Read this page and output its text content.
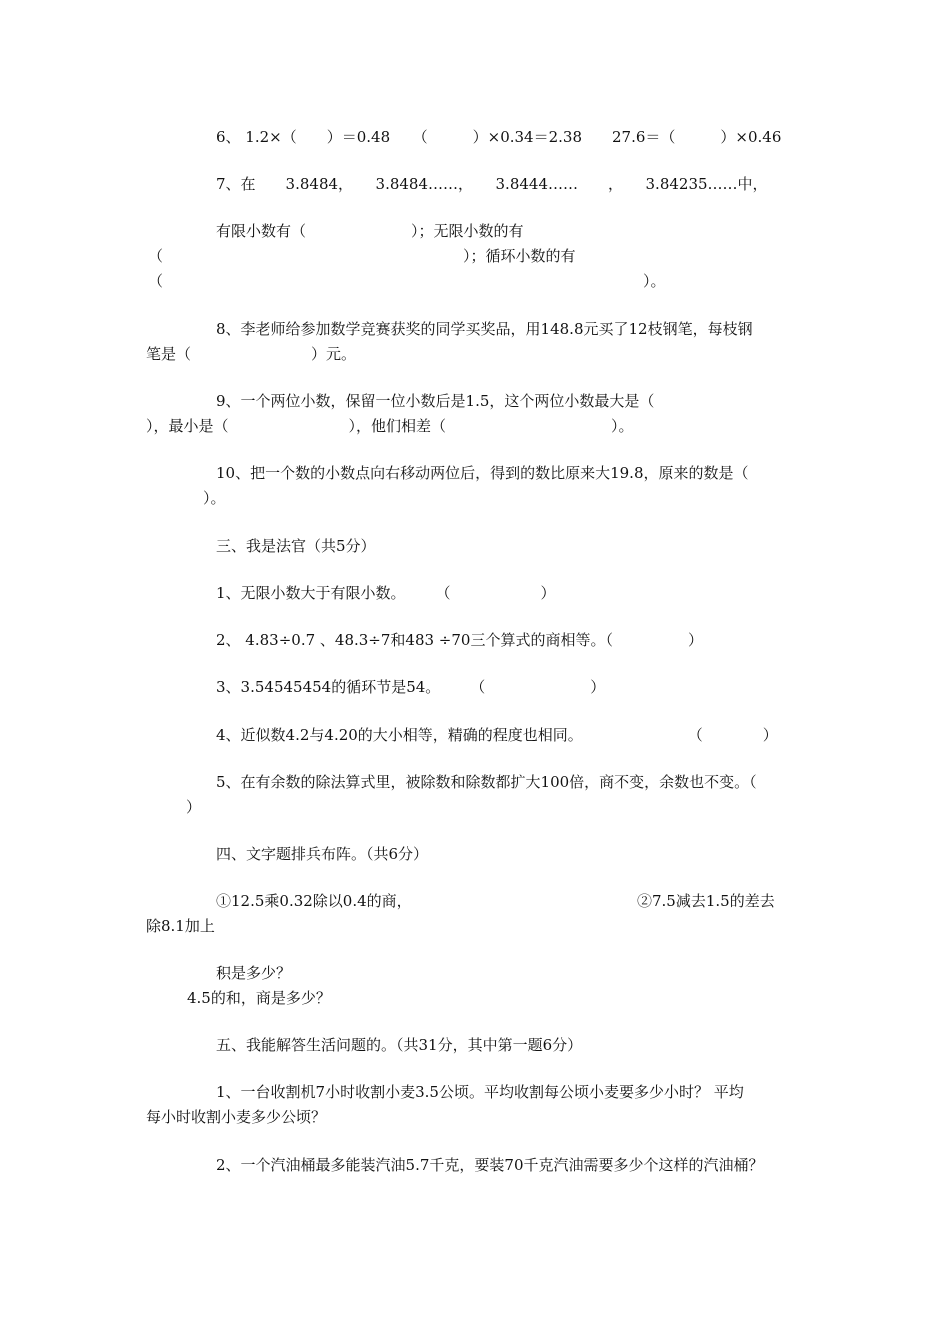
6、 1.2×（　　）＝0.48　　（　　　）×0.34＝2.38　　27.6＝（　　　）×0.46

7、在　　3.8484，　　3.8484……，　　3.8444……　　，　　3.84235……中，

有限小数有（　　　　　　　）；无限小数的有

（　　　　　　　　　　　　　　　　　　　　）；循环小数的有

（　　　　　　　　　　　　　　　　　　　　　　　　　　　　　　　　）。

8、李老师给参加数学竞赛获奖的同学买奖品，用148.8元买了12枝钢笔，每枝钢

笔是（　　　　　　　　）元。

9、一个两位小数，保留一位小数后是1.5，这个两位小数最大是（

），最小是（　　　　　　　　），他们相差（　　　　　　　　　　　）。

10、把一个数的小数点向右移动两位后，得到的数比原来大19.8，原来的数是（

）。

三、我是法官（共5分）

1、无限小数大于有限小数。　　　（　　　　　　）

2、 4.83÷0.7 、48.3÷7和483 ÷70三个算式的商相等。（　　　　　）

3、3.54545454的循环节是54。　　　（　　　　　　　）

4、近似数4.2与4.20的大小相等，精确的程度也相同。　　　　　　　　（　　　　）

5、在有余数的除法算式里，被除数和除数都扩大100倍，商不变，余数也不变。（

）

四、文字题排兵布阵。（共6分）

①12.5乘0.32除以0.4的商，	②7.5减去1.5的差去

除8.1加上

积是多少？

4.5的和，商是多少？

五、我能解答生活问题的。（共31分，其中第一题6分）

1、一台收割机7小时收割小麦3.5公顷。平均收割每公顷小麦要多少小时？ 平均

每小时收割小麦多少公顷？

2、一个汽油桶最多能装汽油5.7千克，要装70千克汽油需要多少个这样的汽油桶？
